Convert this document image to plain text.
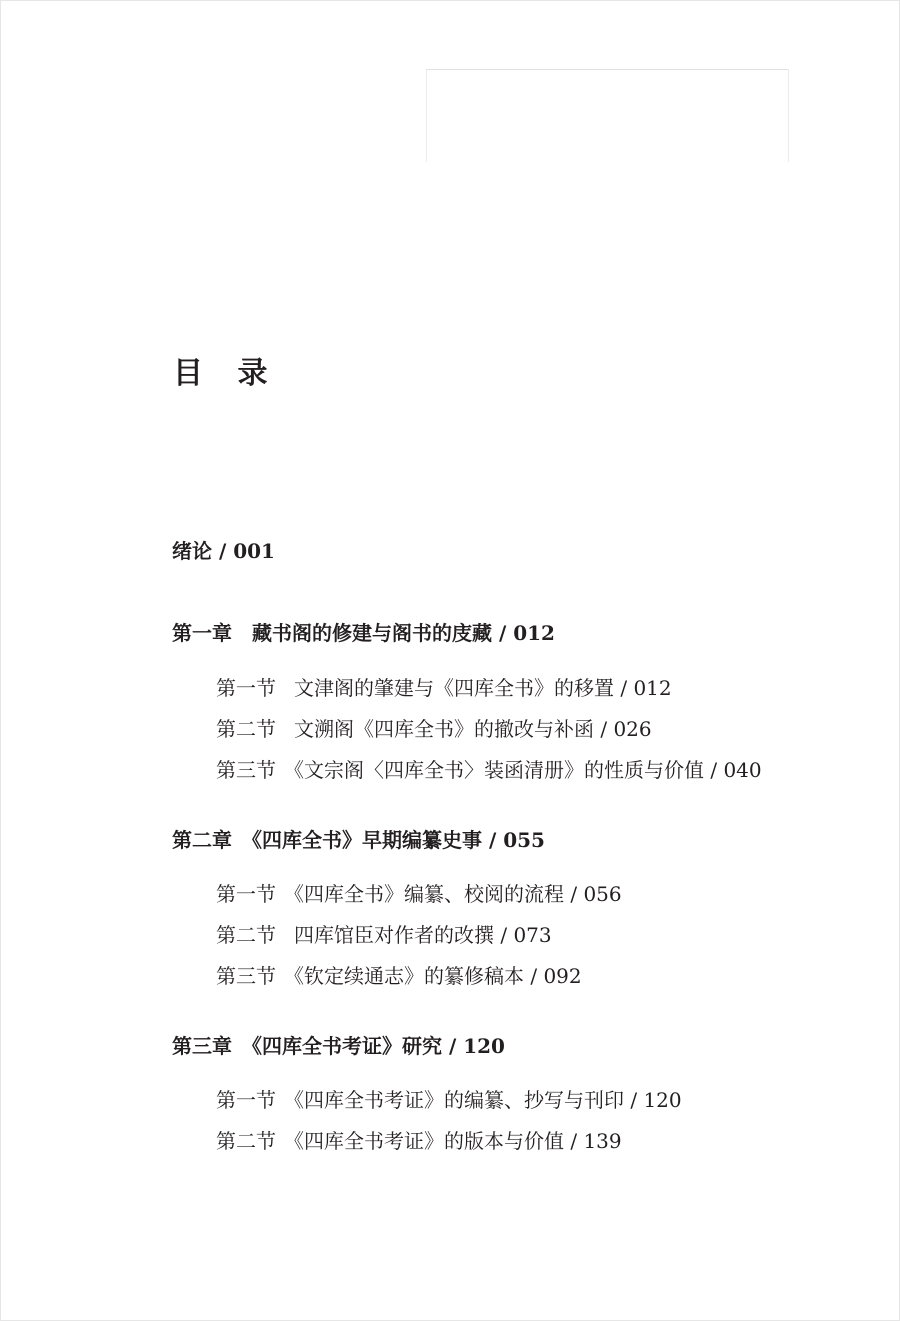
目 录
绪论 / 001
第一章 藏书阁的修建与阁书的庋藏 / 012
第一节 文津阁的肇建与《四库全书》的移置 / 012
第二节 文溯阁《四库全书》的撤改与补函 / 026
第三节 《文宗阁〈四库全书〉装函清册》的性质与价值 / 040
第二章 《四库全书》早期编纂史事 / 055
第一节 《四库全书》编纂、校阅的流程 / 056
第二节 四库馆臣对作者的改撰 / 073
第三节 《钦定续通志》的纂修稿本 / 092
第三章 《四库全书考证》研究 / 120
第一节 《四库全书考证》的编纂、抄写与刊印 / 120
第二节 《四库全书考证》的版本与价值 / 139
